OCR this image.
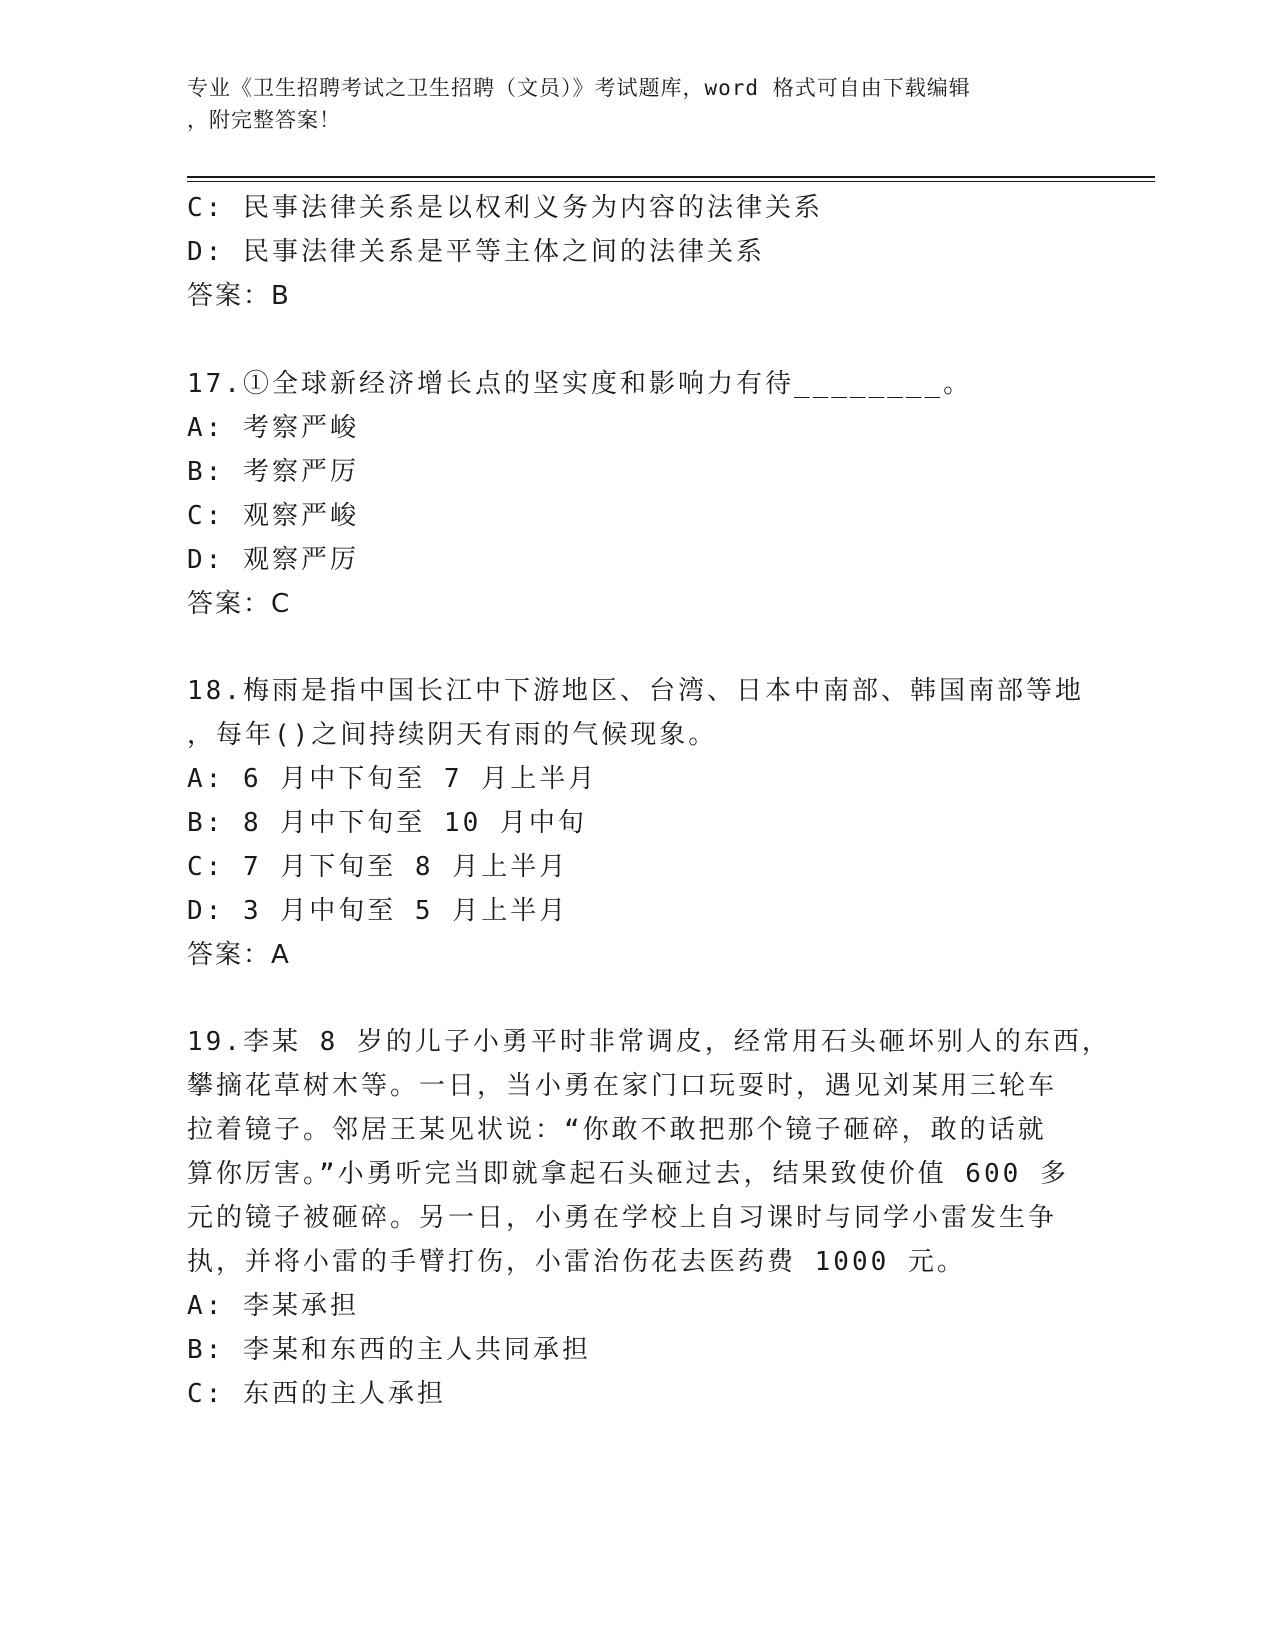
专业《卫生招聘考试之卫生招聘（文员）》考试题库，word 格式可自由下载编辑
，附完整答案！
C: 民事法律关系是以权利义务为内容的法律关系
D: 民事法律关系是平等主体之间的法律关系
答案：B
17.①全球新经济增长点的坚实度和影响力有待________。
A: 考察严峻
B: 考察严厉
C: 观察严峻
D: 观察严厉
答案：C
18.梅雨是指中国长江中下游地区、台湾、日本中南部、韩国南部等地
，每年()之间持续阴天有雨的气候现象。
A: 6 月中下旬至 7 月上半月
B: 8 月中下旬至 10 月中旬
C: 7 月下旬至 8 月上半月
D: 3 月中旬至 5 月上半月
答案：A
19.李某 8 岁的儿子小勇平时非常调皮，经常用石头砸坏别人的东西，
攀摘花草树木等。一日，当小勇在家门口玩耍时，遇见刘某用三轮车
拉着镜子。邻居王某见状说：“你敢不敢把那个镜子砸碎，敢的话就
算你厉害。”小勇听完当即就拿起石头砸过去，结果致使价值 600 多
元的镜子被砸碎。另一日，小勇在学校上自习课时与同学小雷发生争
执，并将小雷的手臂打伤，小雷治伤花去医药费 1000 元。
A: 李某承担
B: 李某和东西的主人共同承担
C: 东西的主人承担
